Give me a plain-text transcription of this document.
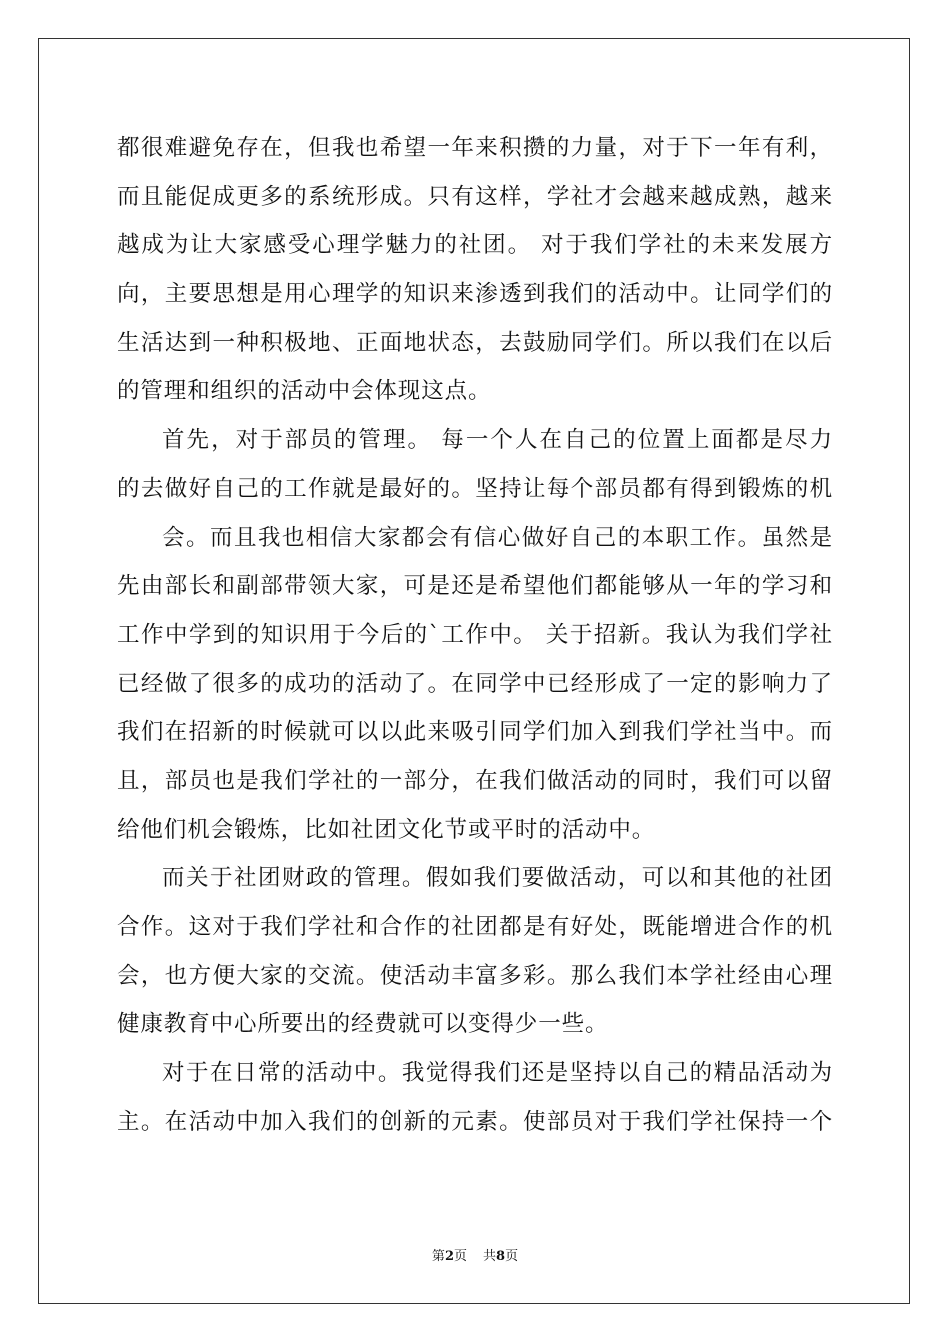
都很难避免存在，但我也希望一年来积攒的力量，对于下一年有利，
而且能促成更多的系统形成。只有这样，学社才会越来越成熟，越来
越成为让大家感受心理学魅力的社团。 对于我们学社的未来发展方
向，主要思想是用心理学的知识来渗透到我们的活动中。让同学们的
生活达到一种积极地、正面地状态，去鼓励同学们。所以我们在以后
的管理和组织的活动中会体现这点。
首先，对于部员的管理。 每一个人在自己的位置上面都是尽力
的去做好自己的工作就是最好的。坚持让每个部员都有得到锻炼的机
会。而且我也相信大家都会有信心做好自己的本职工作。虽然是
先由部长和副部带领大家，可是还是希望他们都能够从一年的学习和
工作中学到的知识用于今后的`工作中。 关于招新。我认为我们学社
已经做了很多的成功的活动了。在同学中已经形成了一定的影响力了
我们在招新的时候就可以以此来吸引同学们加入到我们学社当中。而
且，部员也是我们学社的一部分，在我们做活动的同时，我们可以留
给他们机会锻炼，比如社团文化节或平时的活动中。
而关于社团财政的管理。假如我们要做活动，可以和其他的社团
合作。这对于我们学社和合作的社团都是有好处，既能增进合作的机
会，也方便大家的交流。使活动丰富多彩。那么我们本学社经由心理
健康教育中心所要出的经费就可以变得少一些。
对于在日常的活动中。我觉得我们还是坚持以自己的精品活动为
主。在活动中加入我们的创新的元素。使部员对于我们学社保持一个
第2页 共8页
